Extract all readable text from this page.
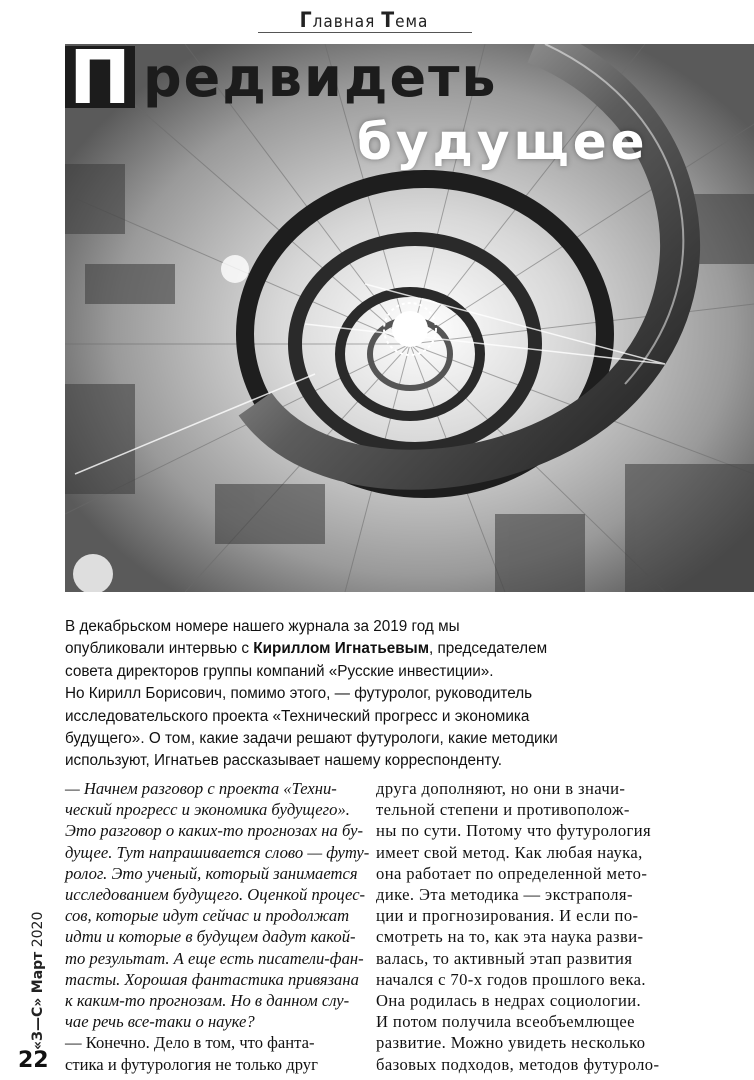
Главная Тема
П редвидеть
будущее
В декабрьском номере нашего журнала за 2019 год мы
опубликовали интервью с Кириллом Игнатьевым, председателем
совета директоров группы компаний «Русские инвестиции».
Но Кирилл Борисович, помимо этого, — футуролог, руководитель
исследовательского проекта «Технический прогресс и экономика
будущего». О том, какие задачи решают футурологи, какие методики
используют, Игнатьев рассказывает нашему корреспонденту.
— Начнем разговор с проекта «Техни-
ческий прогресс и экономика будущего».
Это разговор о каких-то прогнозах на бу-
дущее. Тут напрашивается слово — футу-
ролог. Это ученый, который занимается
исследованием будущего. Оценкой процес-
сов, которые идут сейчас и продолжат
идти и которые в будущем дадут какой-
то результат. А еще есть писатели-фан-
тасты. Хорошая фантастика привязана
к каким-то прогнозам. Но в данном слу-
чае речь все-таки о науке?
— Конечно. Дело в том, что фанта-
стика и футурология не только друг
друга дополняют, но они в значи-
тельной степени и противополож-
ны по сути. Потому что футурология
имеет свой метод. Как любая наука,
она работает по определенной мето-
дике. Эта методика — экстраполя-
ции и прогнозирования. И если по-
смотреть на то, как эта наука разви-
валась, то активный этап развития
начался с 70-х годов прошлого века.
Она родилась в недрах социологии.
И потом получила всеобъемлющее
развитие. Можно увидеть несколько
базовых подходов, методов футуроло-
«З—С» Март 2020
22
